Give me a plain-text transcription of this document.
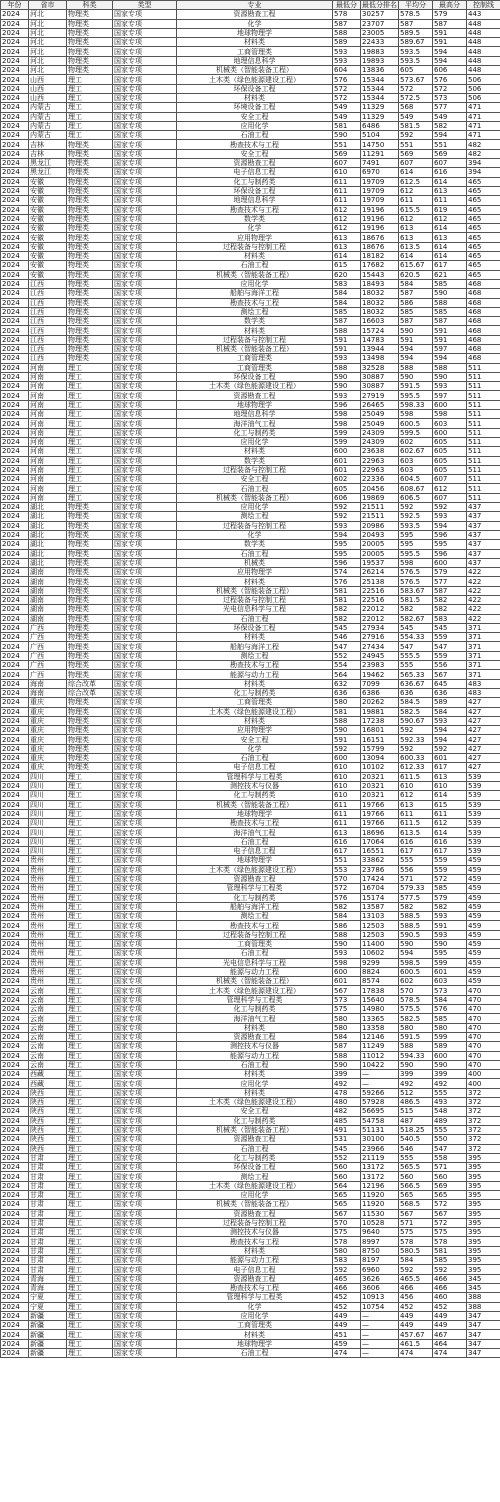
年份	省市	科类	类型	专业	最低分	最低分排名	平均分	最高分	控制线
2024	河北	物理类	国家专项	资源勘查工程	578	30257	578.5	579	443
2024	河北	物理类	国家专项	化学	587	23707	587	587	448
2024	河北	物理类	国家专项	地球物理学	588	23005	589.5	591	448
2024	河北	物理类	国家专项	材料类	589	22433	589.67	591	448
2024	河北	物理类	国家专项	工商管理类	593	19883	593.5	594	448
2024	河北	物理类	国家专项	地理信息科学	593	19893	593.5	594	448
2024	河北	物理类	国家专项	机械类（智能装备工程）	604	13836	605	606	448
2024	山西	理工	国家专项	土木类（绿色能源建设工程）	576	15344	573.67	576	506
2024	山西	理工	国家专项	环保设备工程	572	15344	572	572	506
2024	山西	理工	国家专项	材料类	572	15344	572.5	573	506
2024	内蒙古	理工	国家专项	环境设备工程	549	11329	568	577	471
2024	内蒙古	理工	国家专项	安全工程	549	11329	549	549	471
2024	内蒙古	理工	国家专项	应用化学	581	6486	581.5	582	471
2024	内蒙古	理工	国家专项	石油工程	590	5104	592	594	471
2024	吉林	物理类	国家专项	勘查技术与工程	551	14750	551	551	482
2024	吉林	物理类	国家专项	安全工程	569	11291	569	569	482
2024	黑龙江	物理类	国家专项	资源勘查工程	607	7491	607	607	394
2024	黑龙江	物理类	国家专项	电子信息工程	610	6970	614	616	394
2024	安徽	物理类	国家专项	化工与制药类	611	19709	612.5	614	465
2024	安徽	物理类	国家专项	环保设备工程	611	19709	612	613	465
2024	安徽	物理类	国家专项	地理信息科学	611	19709	611	611	465
2024	安徽	物理类	国家专项	勘查技术与工程	612	19196	615.5	619	465
2024	安徽	物理类	国家专项	数学类	612	19196	612	612	465
2024	安徽	物理类	国家专项	化学	612	19196	613	614	465
2024	安徽	物理类	国家专项	应用物理学	613	18676	613	613	465
2024	安徽	物理类	国家专项	过程装备与控制工程	613	18676	613.5	614	465
2024	安徽	物理类	国家专项	材料类	614	18182	614	614	465
2024	安徽	物理类	国家专项	石油工程	615	17682	615.67	617	465
2024	安徽	物理类	国家专项	机械类（智能装备工程）	620	15443	620.5	621	465
2024	江西	物理类	国家专项	应用化学	583	18493	584	585	468
2024	江西	物理类	国家专项	船舶与海洋工程	584	18032	587	590	468
2024	江西	物理类	国家专项	勘查技术与工程	584	18032	586	588	468
2024	江西	物理类	国家专项	测绘工程	585	18032	585	585	468
2024	江西	物理类	国家专项	数学类	587	16603	587	587	468
2024	江西	物理类	国家专项	材料类	588	15724	590	591	468
2024	江西	物理类	国家专项	过程装备与控制工程	591	14783	591	591	468
2024	江西	物理类	国家专项	机械类（智能装备工程）	591	13944	594	597	468
2024	江西	物理类	国家专项	工商管理类	593	13498	594	594	468
2024	河南	理工	国家专项	工商管理类	588	32528	588	588	511
2024	河南	理工	国家专项	环保设备工程	590	30887	590	590	511
2024	河南	理工	国家专项	土木类（绿色能源建设工程）	590	30887	591.5	593	511
2024	河南	理工	国家专项	资源勘查工程	593	27919	595.5	597	511
2024	河南	理工	国家专项	地球物理学	596	26465	598.33	600	511
2024	河南	理工	国家专项	地理信息科学	598	25049	598	598	511
2024	河南	理工	国家专项	海洋油气工程	598	25049	600.5	603	511
2024	河南	理工	国家专项	化工与制药类	599	24309	599.5	600	511
2024	河南	理工	国家专项	应用化学	599	24309	602	605	511
2024	河南	理工	国家专项	材料类	600	23638	602.67	605	511
2024	河南	理工	国家专项	数学类	601	22963	603	605	511
2024	河南	理工	国家专项	过程装备与控制工程	601	22963	603	605	511
2024	河南	理工	国家专项	安全工程	602	22336	604.5	607	511
2024	河南	理工	国家专项	石油工程	605	20456	608.67	612	511
2024	河南	理工	国家专项	机械类（智能装备工程）	606	19869	606.5	607	511
2024	湖北	物理类	国家专项	应用化学	592	21511	592	592	437
2024	湖北	物理类	国家专项	测绘工程	592	21511	592.5	593	437
2024	湖北	物理类	国家专项	过程装备与控制工程	593	20986	593.5	594	437
2024	湖北	物理类	国家专项	化学	594	20493	595	596	437
2024	湖北	物理类	国家专项	数学类	595	20005	595	595	437
2024	湖北	物理类	国家专项	石油工程	595	20005	595.5	596	437
2024	湖北	物理类	国家专项	机械类	596	19537	598	600	437
2024	湖南	物理类	国家专项	应用物理学	574	26214	576.5	579	422
2024	湖南	物理类	国家专项	材料类	576	25138	576.5	577	422
2024	湖南	物理类	国家专项	机械类（智能装备工程）	581	22516	583.67	587	422
2024	湖南	物理类	国家专项	过程装备与控制工程	581	22516	581.5	582	422
2024	湖南	物理类	国家专项	光电信息科学与工程	582	22012	582	582	422
2024	湖南	物理类	国家专项	石油工程	582	22012	582.67	583	422
2024	广西	物理类	国家专项	环保设备工程	545	27934	545	545	371
2024	广西	物理类	国家专项	材料类	546	27916	554.33	559	371
2024	广西	物理类	国家专项	船舶与海洋工程	547	27434	547	547	371
2024	广西	物理类	国家专项	测绘工程	552	24945	555.5	559	371
2024	广西	物理类	国家专项	勘查技术与工程	554	23983	555	556	371
2024	广西	物理类	国家专项	能源与动力工程	564	19462	565.33	567	371
2024	海南	综合改革	国家专项	材料类	632	7099	636.67	645	483
2024	海南	综合改革	国家专项	化工与制药类	636	6386	636	636	483
2024	重庆	物理类	国家专项	工商管理类	580	20262	584.5	589	427
2024	重庆	物理类	国家专项	土木类（绿色能源建设工程）	581	19881	582.5	584	427
2024	重庆	物理类	国家专项	材料类	588	17238	590.67	593	427
2024	重庆	物理类	国家专项	应用物理学	590	16801	592	594	427
2024	重庆	物理类	国家专项	安全工程	591	16151	592.33	594	427
2024	重庆	物理类	国家专项	化学	592	15799	592	592	427
2024	重庆	物理类	国家专项	石油工程	600	13094	600.33	601	427
2024	重庆	物理类	国家专项	电子信息工程	610	10102	612.33	617	427
2024	四川	理工	国家专项	管理科学与工程类	610	20321	611.5	613	539
2024	四川	理工	国家专项	测控技术与仪器	610	20321	610	610	539
2024	四川	理工	国家专项	化工与制药类	610	20321	612	614	539
2024	四川	理工	国家专项	机械类（智能装备工程）	611	19766	613	615	539
2024	四川	理工	国家专项	地球物理学	611	19766	611	611	539
2024	四川	理工	国家专项	勘查技术与工程	611	19766	611.5	612	539
2024	四川	理工	国家专项	海洋油气工程	613	18696	613.5	614	539
2024	四川	理工	国家专项	石油工程	616	17064	616	616	539
2024	四川	理工	国家专项	电子信息工程	617	16551	617	617	539
2024	贵州	理工	国家专项	地球物理学	551	33862	555	559	459
2024	贵州	理工	国家专项	土木类（绿色能源建设工程）	553	23786	556	559	459
2024	贵州	理工	国家专项	资源勘查工程	570	17424	571	572	459
2024	贵州	理工	国家专项	管理科学与工程类	572	16704	579.33	585	459
2024	贵州	理工	国家专项	化工与制药类	576	15174	577.5	579	459
2024	贵州	理工	国家专项	船舶与海洋工程	582	13587	582	582	459
2024	贵州	理工	国家专项	测绘工程	584	13103	588.5	593	459
2024	贵州	理工	国家专项	勘查技术与工程	586	12503	588.5	591	459
2024	贵州	理工	国家专项	过程装备与控制工程	588	12503	590.5	593	459
2024	贵州	理工	国家专项	工商管理类	590	11400	590	590	459
2024	贵州	理工	国家专项	石油工程	593	10602	594	595	459
2024	贵州	理工	国家专项	光电信息科学与工程	598	9299	598.5	599	459
2024	贵州	理工	国家专项	能源与动力工程	600	8824	600.5	601	459
2024	贵州	理工	国家专项	机械类（智能装备工程）	601	8574	602	603	459
2024	云南	理工	国家专项	土木类（绿色能源建设工程）	567	17838	570	573	470
2024	云南	理工	国家专项	管理科学与工程类	573	15640	578.5	584	470
2024	云南	理工	国家专项	化工与制药类	575	14980	575.5	576	470
2024	云南	理工	国家专项	海洋油气工程	580	13365	582.5	585	470
2024	云南	理工	国家专项	材料类	580	13358	580	580	470
2024	云南	理工	国家专项	资源勘查工程	584	12146	591.5	599	470
2024	云南	理工	国家专项	测控技术与仪器	587	11249	588	589	470
2024	云南	理工	国家专项	能源与动力工程	588	11012	594.33	600	470
2024	云南	理工	国家专项	石油工程	590	10422	590	590	470
2024	西藏	理工	国家专项	材料类	399	—	399	399	400
2024	西藏	理工	国家专项	应用化学	492	—	492	492	400
2024	陕西	理工	国家专项	材料类	478	59266	512	555	372
2024	陕西	理工	国家专项	土木类（绿色能源建设工程）	480	57928	486.5	493	372
2024	陕西	理工	国家专项	安全工程	482	56695	515	548	372
2024	陕西	理工	国家专项	化工与制药类	485	54758	487	489	372
2024	陕西	理工	国家专项	机械类（智能装备工程）	491	51131	518.25	555	372
2024	陕西	理工	国家专项	资源勘查工程	531	30100	540.5	550	372
2024	陕西	理工	国家专项	石油工程	545	23966	546	547	372
2024	甘肃	理工	国家专项	化工与制药类	552	21119	555	558	395
2024	甘肃	理工	国家专项	环保设备工程	560	13172	565.5	571	395
2024	甘肃	理工	国家专项	测绘工程	560	13172	560	560	395
2024	甘肃	理工	国家专项	土木类（绿色能源建设工程）	564	12196	566.5	569	395
2024	甘肃	理工	国家专项	应用化学	565	11920	565	565	395
2024	甘肃	理工	国家专项	机械类（智能装备工程）	565	11920	568.5	572	395
2024	甘肃	理工	国家专项	资源勘查工程	567	11530	567	567	395
2024	甘肃	理工	国家专项	过程装备与控制工程	570	10528	571	572	395
2024	甘肃	理工	国家专项	测控技术与仪器	575	9640	575	575	395
2024	甘肃	理工	国家专项	勘查技术与工程	578	8997	578	578	395
2024	甘肃	理工	国家专项	材料类	580	8750	580.5	581	395
2024	甘肃	理工	国家专项	能源与动力工程	583	8197	584	585	395
2024	甘肃	理工	国家专项	电子信息工程	592	6960	592	592	395
2024	青海	理工	国家专项	资源勘查工程	465	3626	465.5	466	345
2024	青海	理工	国家专项	勘查技术与工程	466	3606	466	466	345
2024	宁夏	理工	国家专项	管理科学与工程类	452	10913	456	460	388
2024	宁夏	理工	国家专项	化学	452	10754	452	452	388
2024	新疆	理工	国家专项	应用化学	449	—	449	449	347
2024	新疆	理工	国家专项	工商管理类	449	—	449	449	347
2024	新疆	理工	国家专项	材料类	451	—	457.67	467	347
2024	新疆	理工	国家专项	地球物理学	459	—	461.5	464	347
2024	新疆	理工	国家专项	石油工程	474	—	474	474	347
